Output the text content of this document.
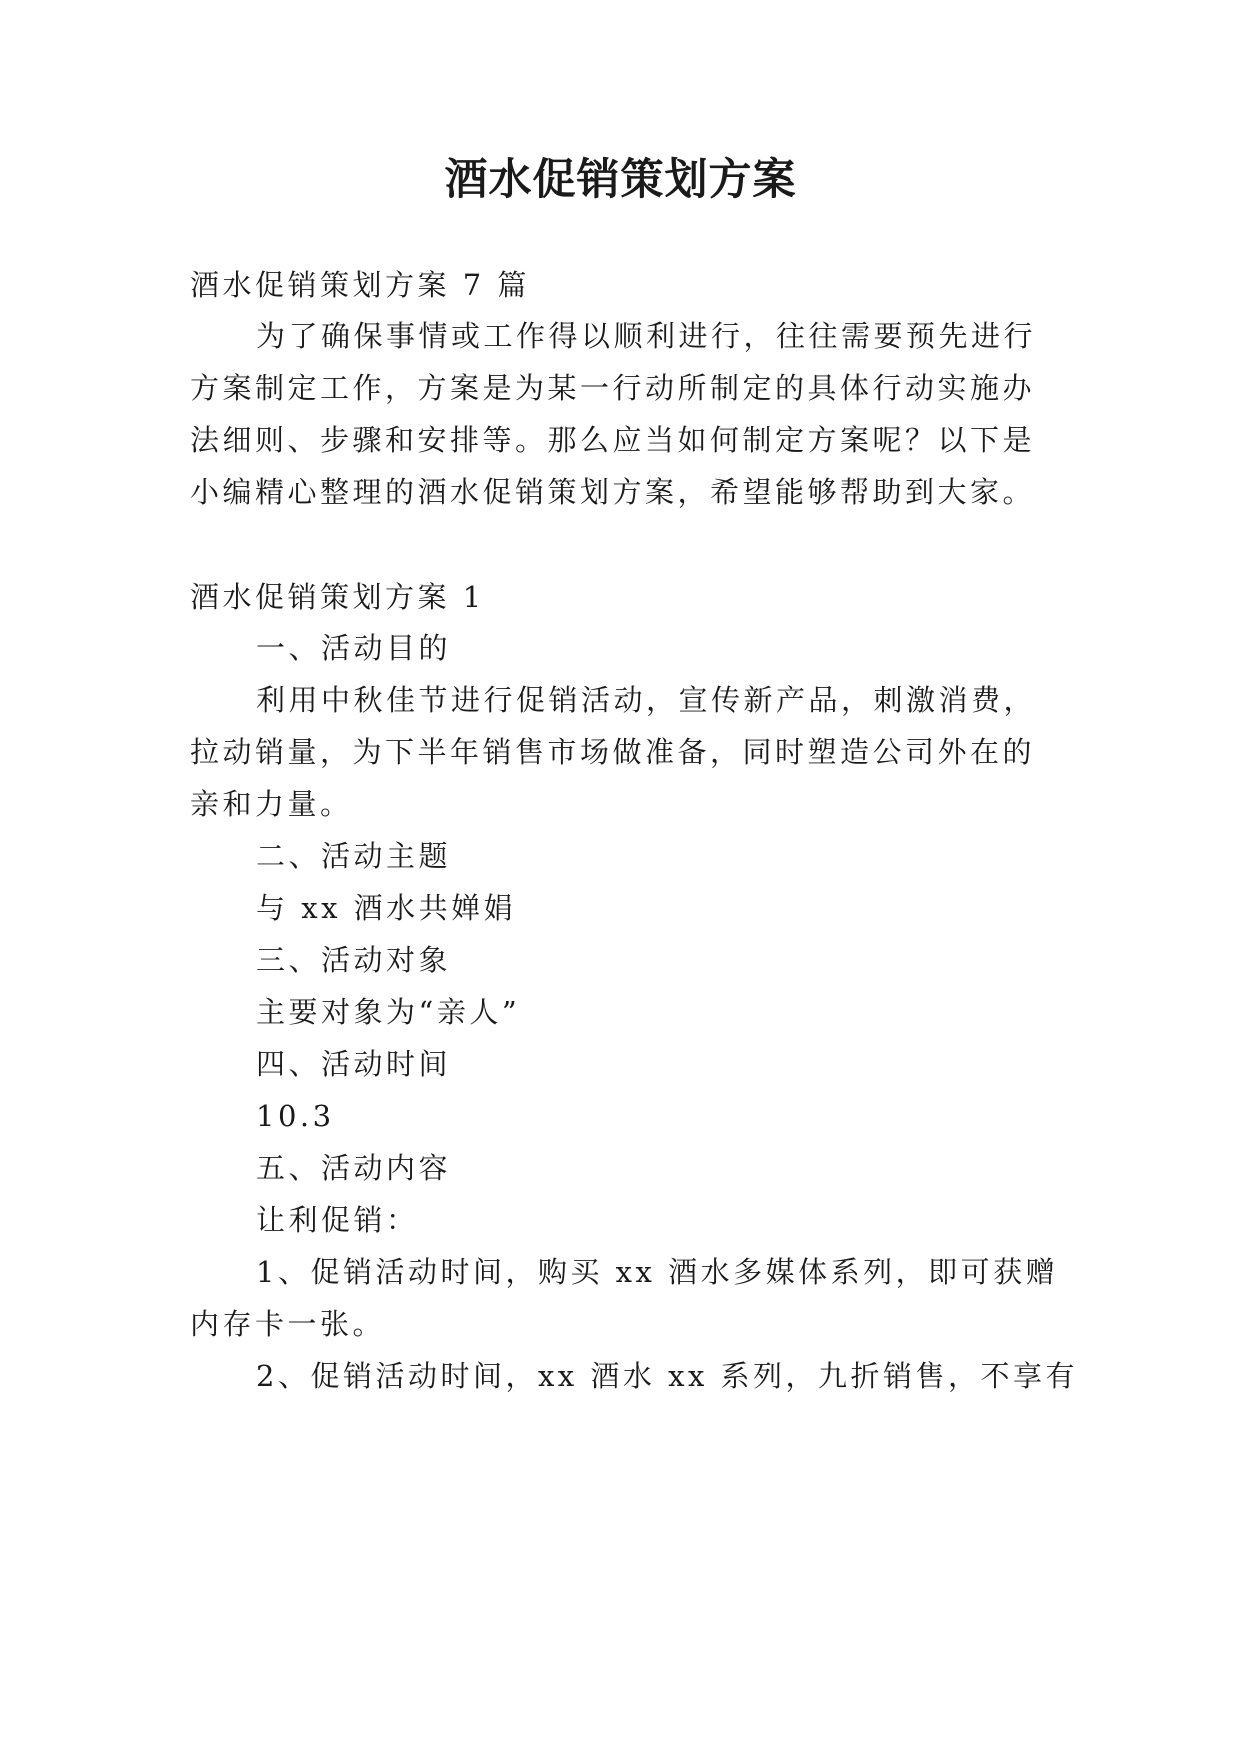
酒水促销策划方案
酒水促销策划方案 7 篇
为了确保事情或工作得以顺利进行，往往需要预先进行
方案制定工作，方案是为某一行动所制定的具体行动实施办
法细则、步骤和安排等。那么应当如何制定方案呢？以下是
小编精心整理的酒水促销策划方案，希望能够帮助到大家。
酒水促销策划方案 1
一、活动目的
利用中秋佳节进行促销活动，宣传新产品，刺激消费，
拉动销量，为下半年销售市场做准备，同时塑造公司外在的
亲和力量。
二、活动主题
与 xx 酒水共婵娟
三、活动对象
主要对象为“亲人”
四、活动时间
10.3
五、活动内容
让利促销：
1、促销活动时间，购买 xx 酒水多媒体系列，即可获赠
内存卡一张。
2、促销活动时间，xx 酒水 xx 系列，九折销售，不享有
